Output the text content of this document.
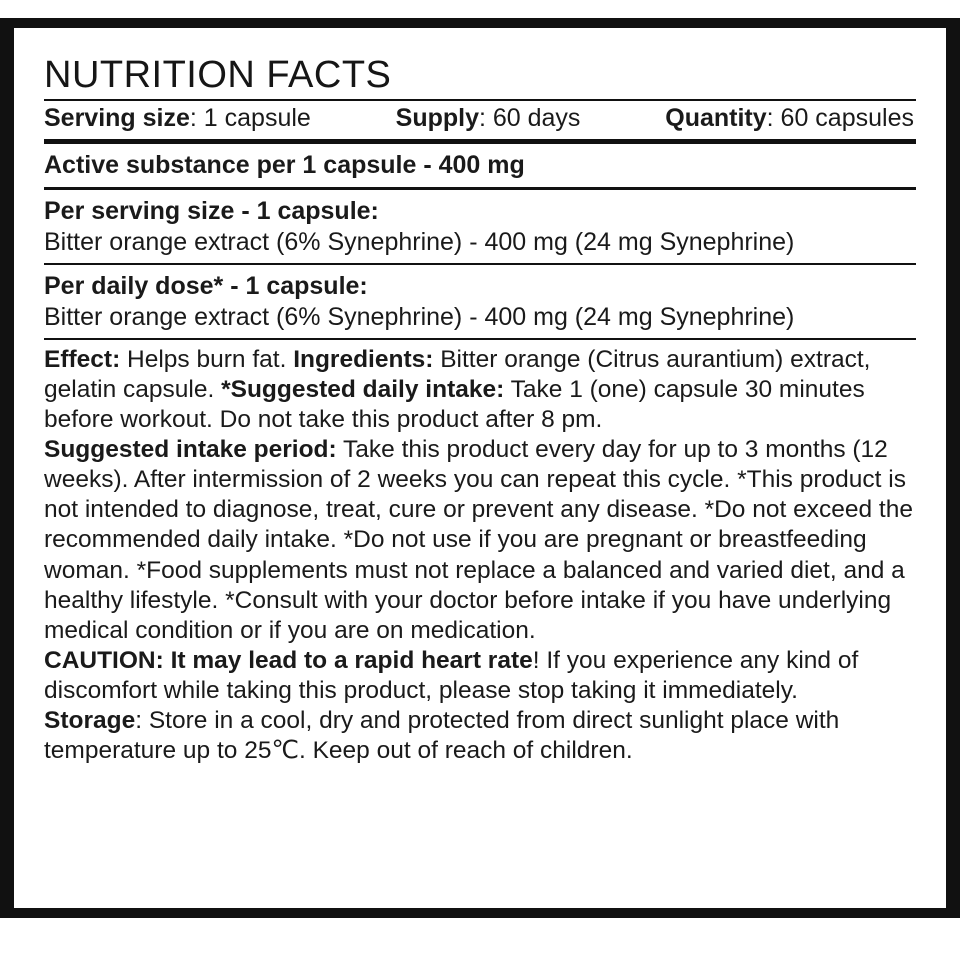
NUTRITION FACTS
Serving size: 1 capsule	Supply: 60 days	Quantity: 60 capsules
Active substance per 1 capsule - 400 mg
Per serving size - 1 capsule:
Bitter orange extract (6% Synephrine) - 400 mg (24 mg Synephrine)
Per daily dose* - 1 capsule:
Bitter orange extract (6% Synephrine) - 400 mg (24 mg Synephrine)
Effect: Helps burn fat. Ingredients: Bitter orange (Citrus aurantium) extract, gelatin capsule. *Suggested daily intake: Take 1 (one) capsule 30 minutes before workout. Do not take this product after 8 pm.
Suggested intake period: Take this product every day for up to 3 months (12 weeks). After intermission of 2 weeks you can repeat this cycle. *This product is not intended to diagnose, treat, cure or prevent any disease. *Do not exceed the recommended daily intake. *Do not use if you are pregnant or breastfeeding woman. *Food supplements must not replace a balanced and varied diet, and a healthy lifestyle. *Consult with your doctor before intake if you have underlying medical condition or if you are on medication.
CAUTION: It may lead to a rapid heart rate! If you experience any kind of discomfort while taking this product, please stop taking it immediately.
Storage: Store in a cool, dry and protected from direct sunlight place with temperature up to 25℃. Keep out of reach of children.
